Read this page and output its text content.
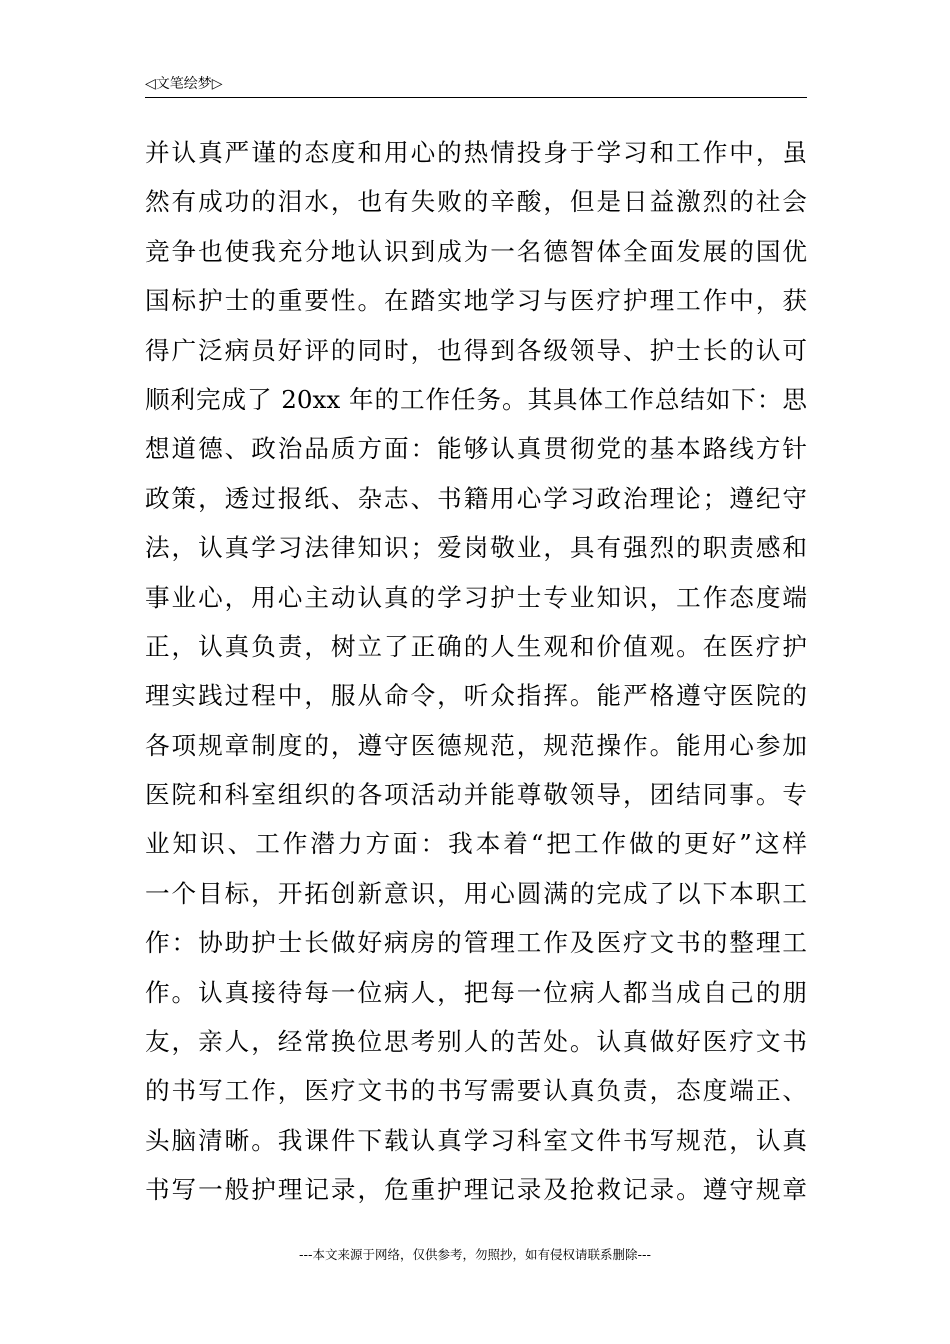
◁文笔绘梦▷
并认真严谨的态度和用心的热情投身于学习和工作中，虽
然有成功的泪水，也有失败的辛酸，但是日益激烈的社会
竞争也使我充分地认识到成为一名德智体全面发展的国优
国标护士的重要性。在踏实地学习与医疗护理工作中，获
得广泛病员好评的同时，也得到各级领导、护士长的认可
顺利完成了 20xx 年的工作任务。其具体工作总结如下：思
想道德、政治品质方面：能够认真贯彻党的基本路线方针
政策，透过报纸、杂志、书籍用心学习政治理论；遵纪守
法，认真学习法律知识；爱岗敬业，具有强烈的职责感和
事业心，用心主动认真的学习护士专业知识，工作态度端
正，认真负责，树立了正确的人生观和价值观。在医疗护
理实践过程中，服从命令，听众指挥。能严格遵守医院的
各项规章制度的，遵守医德规范，规范操作。能用心参加
医院和科室组织的各项活动并能尊敬领导，团结同事。专
业知识、工作潜力方面：我本着“把工作做的更好”这样
一个目标，开拓创新意识，用心圆满的完成了以下本职工
作：协助护士长做好病房的管理工作及医疗文书的整理工
作。认真接待每一位病人，把每一位病人都当成自己的朋
友，亲人，经常换位思考别人的苦处。认真做好医疗文书
的书写工作，医疗文书的书写需要认真负责，态度端正、
头脑清晰。我课件下载认真学习科室文件书写规范，认真
书写一般护理记录，危重护理记录及抢救记录。遵守规章
---本文来源于网络，仅供参考，勿照抄，如有侵权请联系删除---
